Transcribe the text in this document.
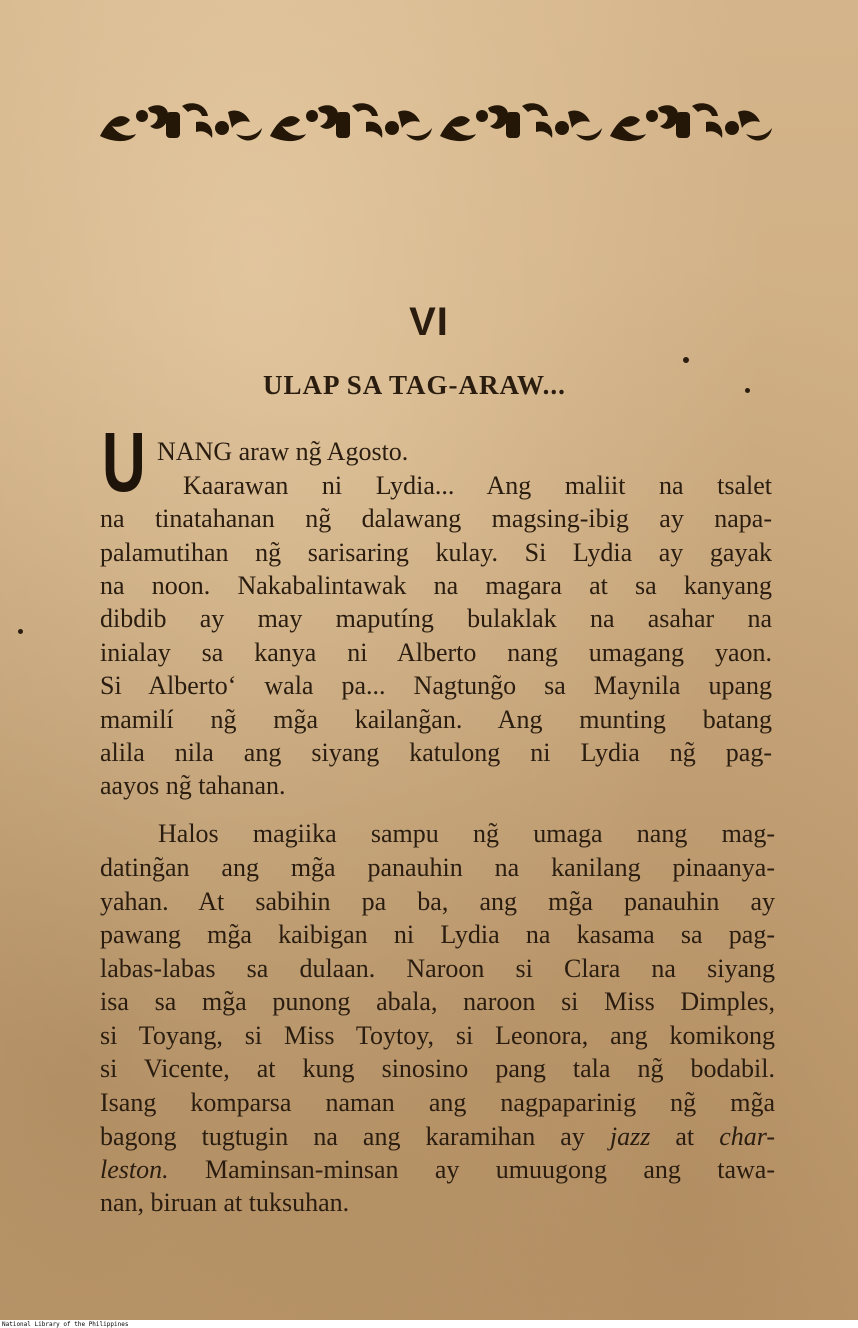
VI
ULAP SA TAG-ARAW...
U NANG araw ng̃ Agosto.

Kaarawan ni Lydia... Ang maliit na tsalet

na tinatahanan ng̃ dalawang magsing-ibig ay napa-

palamutihan ng̃ sarisaring kulay. Si Lydia ay gayak

na noon. Nakabalintawak na magara at sa kanyang

dibdib ay may maputíng bulaklak na asahar na

inialay sa kanya ni Alberto nang umagang yaon.

Si Alberto‘ wala pa... Nagtung̃o sa Maynila upang

mamilí ng̃ mg̃a kailang̃an. Ang munting batang

alila nila ang siyang katulong ni Lydia ng̃ pag-

aayos ng̃ tahanan.

Halos magiika sampu ng̃ umaga nang mag-

dating̃an ang mg̃a panauhin na kanilang pinaanya-

yahan. At sabihin pa ba, ang mg̃a panauhin ay

pawang mg̃a kaibigan ni Lydia na kasama sa pag-

labas-labas sa dulaan. Naroon si Clara na siyang

isa sa mg̃a punong abala, naroon si Miss Dimples,

si Toyang, si Miss Toytoy, si Leonora, ang komikong

si Vicente, at kung sinosino pang tala ng̃ bodabil.

Isang komparsa naman ang nagpaparinig ng̃ mg̃a

bagong tugtugin na ang karamihan ay jazz at char-

leston. Maminsan-minsan ay umuugong ang tawa-

nan, biruan at tuksuhan.

National Library of the Philippines
